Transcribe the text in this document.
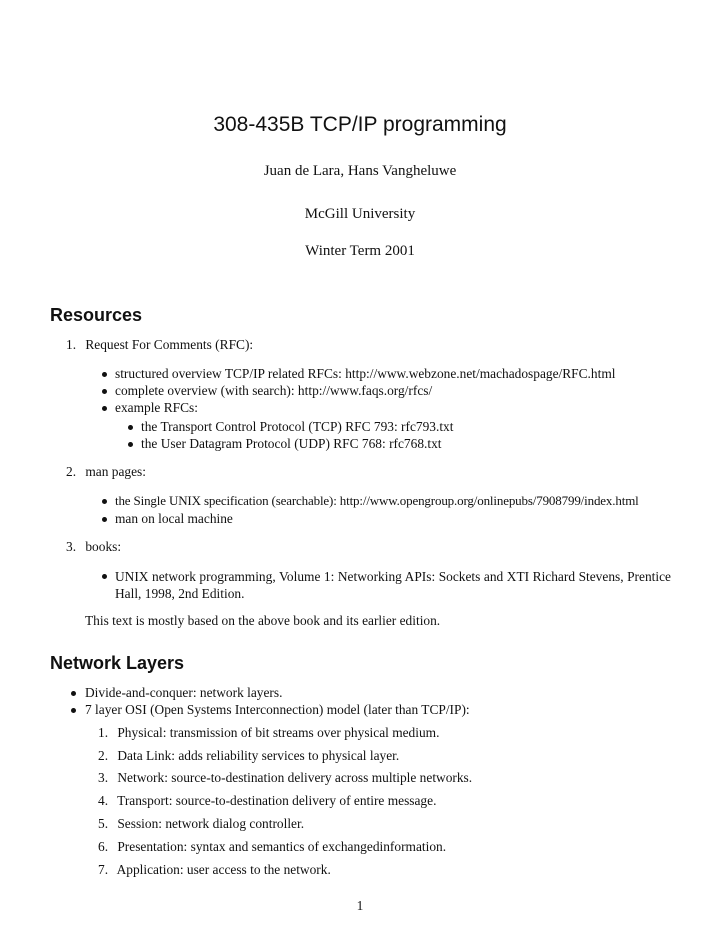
308-435B TCP/IP programming
Juan de Lara, Hans Vangheluwe
McGill University
Winter Term 2001
Resources
1. Request For Comments (RFC):
structured overview TCP/IP related RFCs: http://www.webzone.net/machadospage/RFC.html
complete overview (with search): http://www.faqs.org/rfcs/
example RFCs:
the Transport Control Protocol (TCP) RFC 793: rfc793.txt
the User Datagram Protocol (UDP) RFC 768: rfc768.txt
2. man pages:
the Single UNIX specification (searchable): http://www.opengroup.org/onlinepubs/7908799/index.html
man on local machine
3. books:
UNIX network programming, Volume 1: Networking APIs: Sockets and XTI Richard Stevens, Prentice Hall, 1998, 2nd Edition.
This text is mostly based on the above book and its earlier edition.
Network Layers
Divide-and-conquer: network layers.
7 layer OSI (Open Systems Interconnection) model (later than TCP/IP):
1. Physical: transmission of bit streams over physical medium.
2. Data Link: adds reliability services to physical layer.
3. Network: source-to-destination delivery across multiple networks.
4. Transport: source-to-destination delivery of entire message.
5. Session: network dialog controller.
6. Presentation: syntax and semantics of exchangedinformation.
7. Application: user access to the network.
1
